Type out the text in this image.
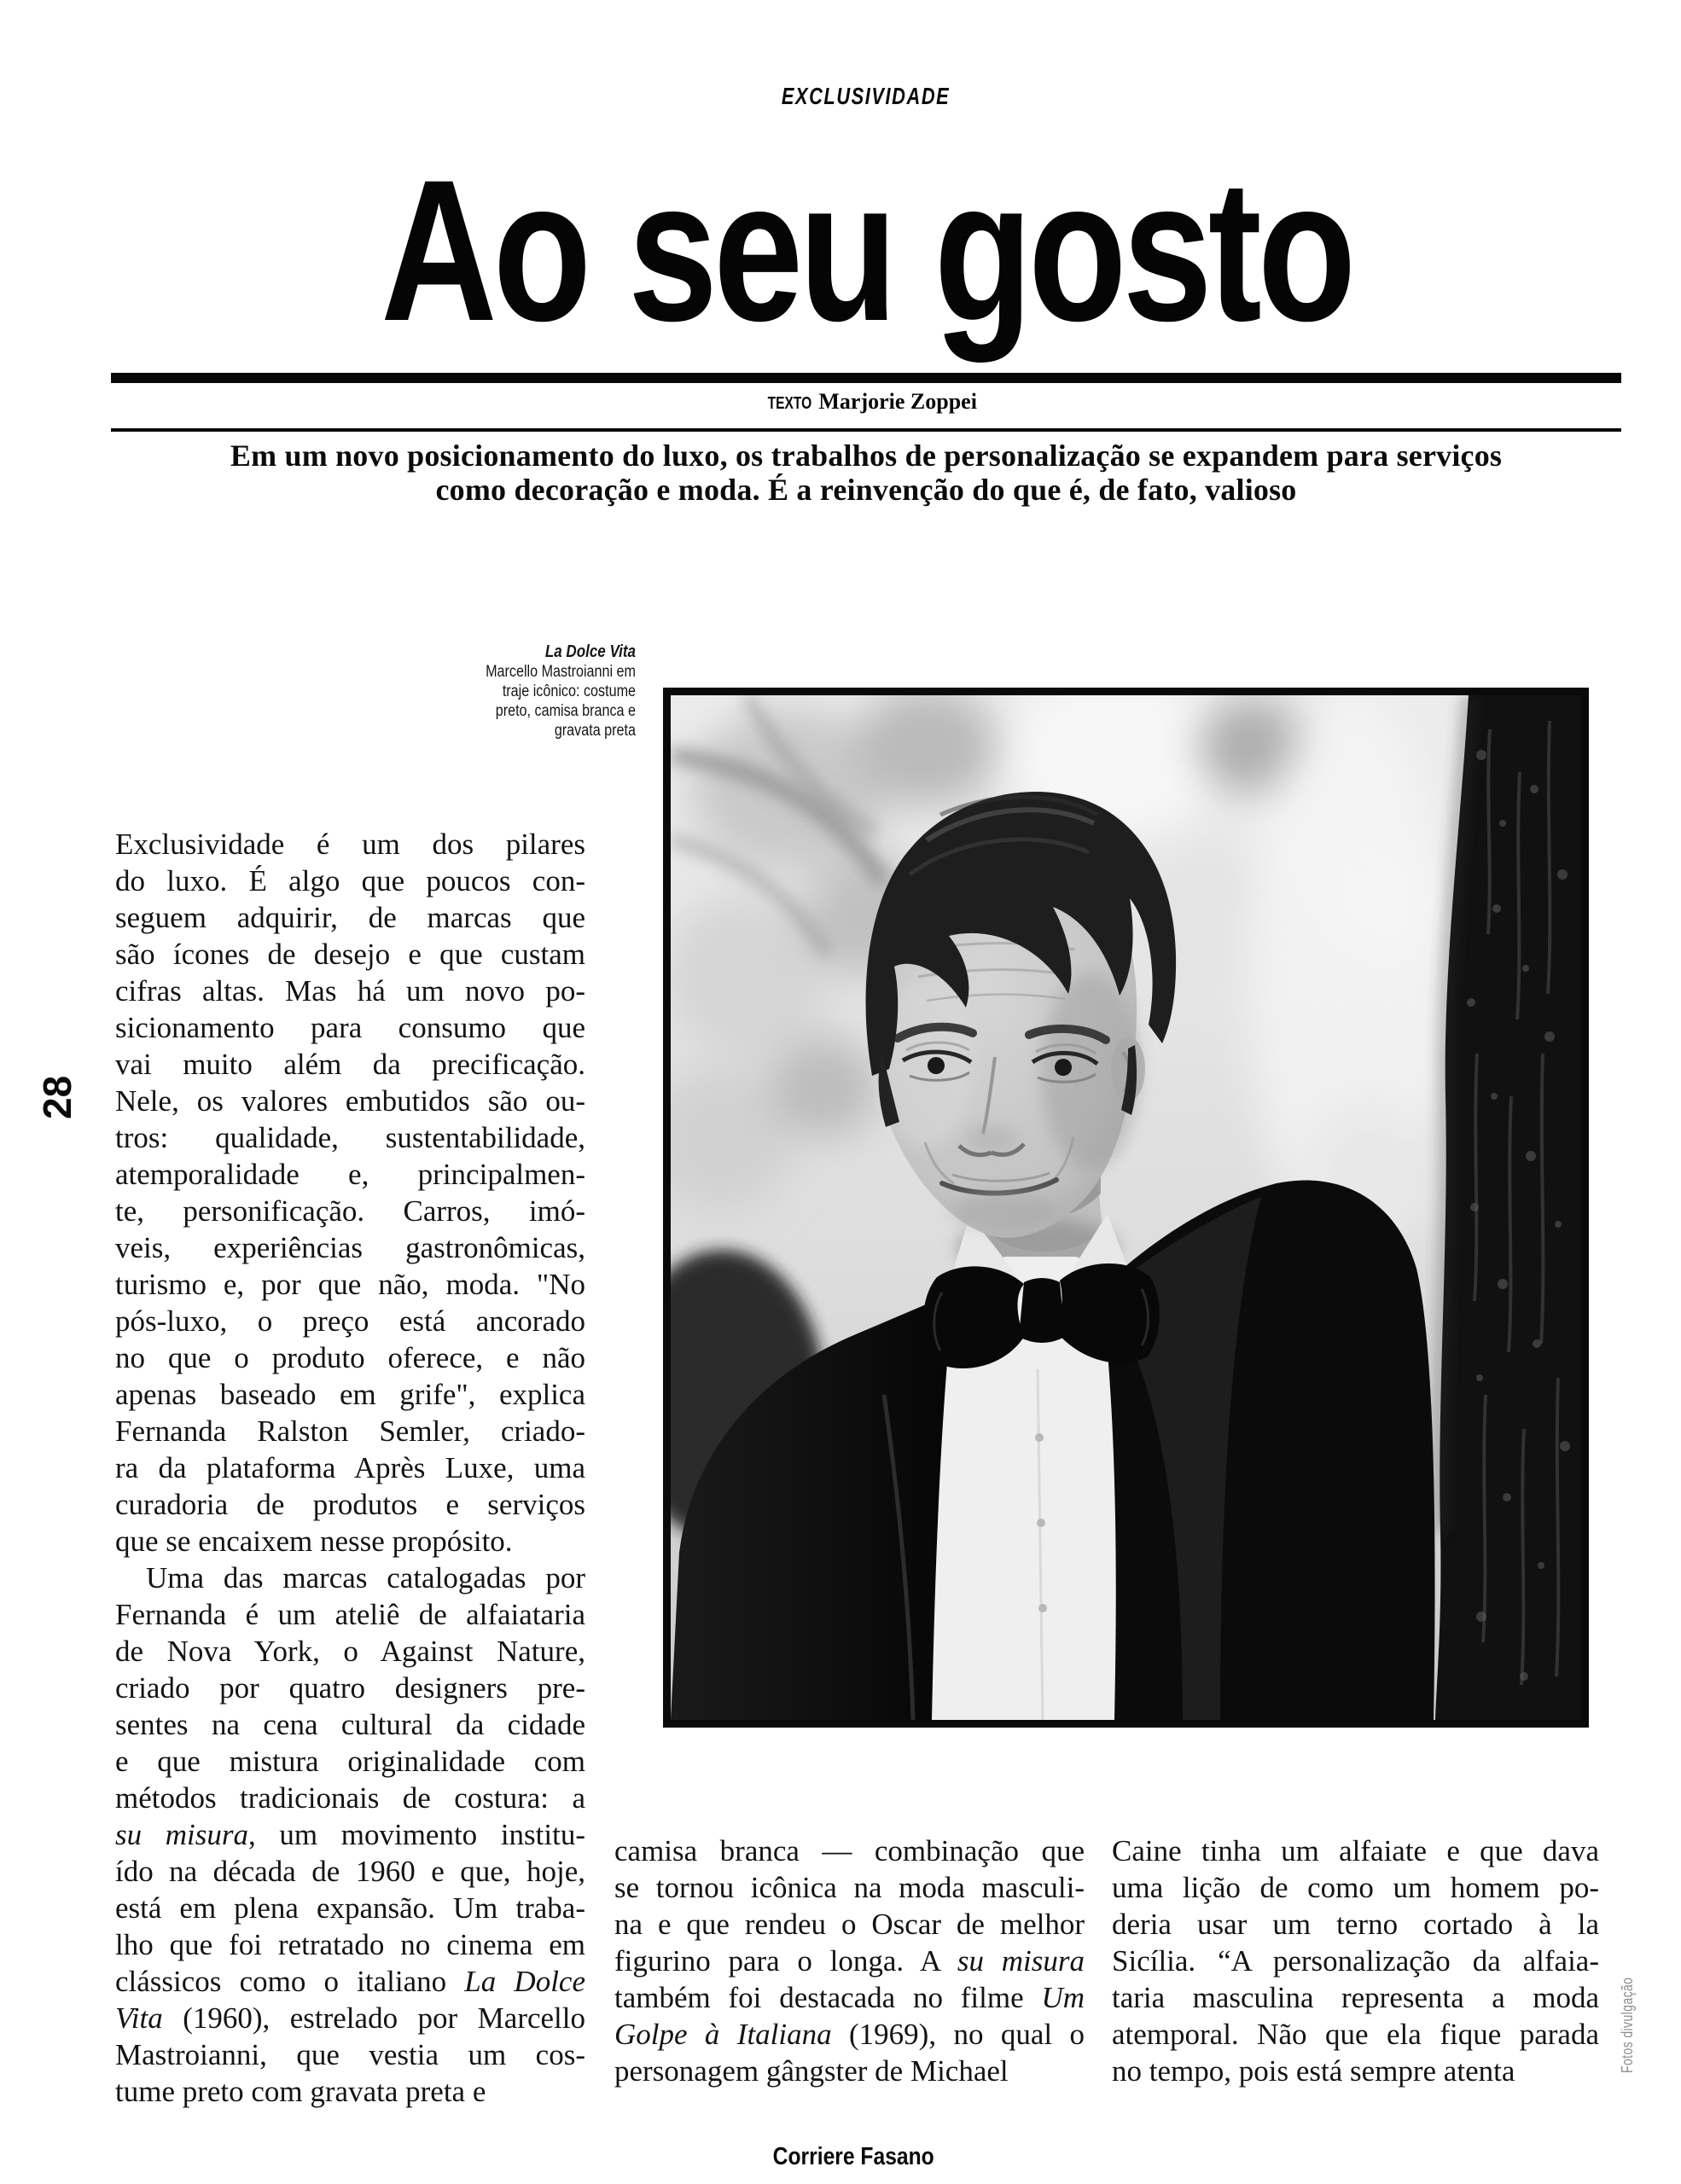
EXCLUSIVIDADE
Ao seu gosto
TEXTO Marjorie Zoppei
Em um novo posicionamento do luxo, os trabalhos de personalização se expandem para serviços
como decoração e moda. É a reinvenção do que é, de fato, valioso
La Dolce Vita
Marcello Mastroianni em
traje icônico: costume
preto, camisa branca e
gravata preta
Exclusividade é um dos pilares
do luxo. É algo que poucos con-
seguem adquirir, de marcas que
são ícones de desejo e que custam
cifras altas. Mas há um novo po-
sicionamento para consumo que
vai muito além da precificação.
Nele, os valores embutidos são ou-
tros: qualidade, sustentabilidade,
atemporalidade e, principalmen-
te, personificação. Carros, imó-
veis, experiências gastronômicas,
turismo e, por que não, moda. "No
pós-luxo, o preço está ancorado
no que o produto oferece, e não
apenas baseado em grife", explica
Fernanda Ralston Semler, criado-
ra da plataforma Après Luxe, uma
curadoria de produtos e serviços
que se encaixem nesse propósito.
Uma das marcas catalogadas por
Fernanda é um ateliê de alfaiataria
de Nova York, o Against Nature,
criado por quatro designers pre-
sentes na cena cultural da cidade
e que mistura originalidade com
métodos tradicionais de costura: a
su misura, um movimento institu-
ído na década de 1960 e que, hoje,
está em plena expansão. Um traba-
lho que foi retratado no cinema em
clássicos como o italiano La Dolce
Vita (1960), estrelado por Marcello
Mastroianni, que vestia um cos-
tume preto com gravata preta e
camisa branca — combinação que
se tornou icônica na moda masculi-
na e que rendeu o Oscar de melhor
figurino para o longa. A su misura
também foi destacada no filme Um
Golpe à Italiana (1969), no qual o
personagem gângster de Michael
Caine tinha um alfaiate e que dava
uma lição de como um homem po-
deria usar um terno cortado à la
Sicília. “A personalização da alfaia-
taria masculina representa a moda
atemporal. Não que ela fique parada
no tempo, pois está sempre atenta
28
Fotos divulgação
Corriere Fasano
